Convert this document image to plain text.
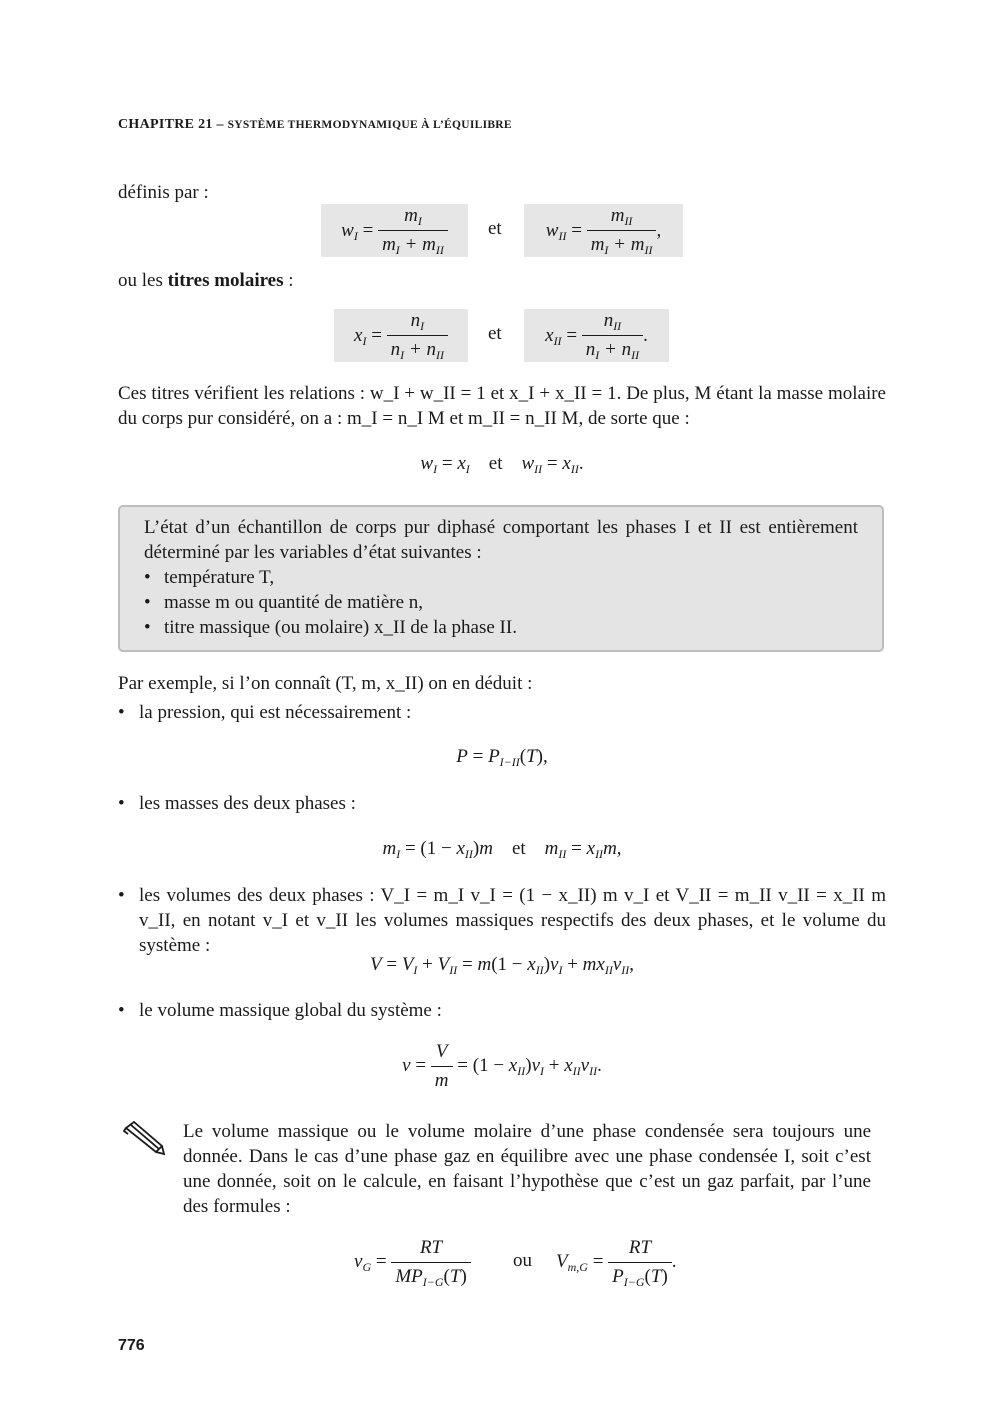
CHAPITRE 21 – SYSTÈME THERMODYNAMIQUE À L’ÉQUILIBRE
définis par :
$w_I = \frac{m_I}{m_I + m_{II}}$ et $w_{II} = \frac{m_{II}}{m_I + m_{II}}$ ,
ou les titres molaires :
$x_I = \frac{n_I}{n_I + n_{II}}$ et $x_{II} = \frac{n_{II}}{n_I + n_{II}}$ .
Ces titres vérifient les relations : w_I + w_II = 1 et x_I + x_II = 1. De plus, M étant la masse molaire du corps pur considéré, on a : m_I = n_I M et m_II = n_II M, de sorte que :
$w_I = x_I$ et $w_{II} = x_{II}$.
L’état d’un échantillon de corps pur diphasé comportant les phases I et II est entièrement déterminé par les variables d’état suivantes :
• température T,
• masse m ou quantité de matière n,
• titre massique (ou molaire) x_II de la phase II.
Par exemple, si l’on connaît (T, m, x_II) on en déduit :
• la pression, qui est nécessairement :
$P = P_{I-II}(T)$,
• les masses des deux phases :
$m_I = (1 - x_{II})m$ et $m_{II} = x_{II}m$,
• les volumes des deux phases : V_I = m_I v_I = (1 − x_II) m v_I et V_II = m_II v_II = x_II m v_II, en notant v_I et v_II les volumes massiques respectifs des deux phases, et le volume du système :
$V = V_I + V_{II} = m(1 - x_{II})v_I + mx_{II}v_{II}$,
• le volume massique global du système :
$v = \frac{V}{m} = (1 - x_{II})v_I + x_{II}v_{II}$.
Le volume massique ou le volume molaire d’une phase condensée sera toujours une donnée. Dans le cas d’une phase gaz en équilibre avec une phase condensée I, soit c’est une donnée, soit on le calcule, en faisant l’hypothèse que c’est un gaz parfait, par l’une des formules :
$v_G = \frac{RT}{MP_{I-G}(T)}$ ou $V_{m,G} = \frac{RT}{P_{I-G}(T)}$ .
776
